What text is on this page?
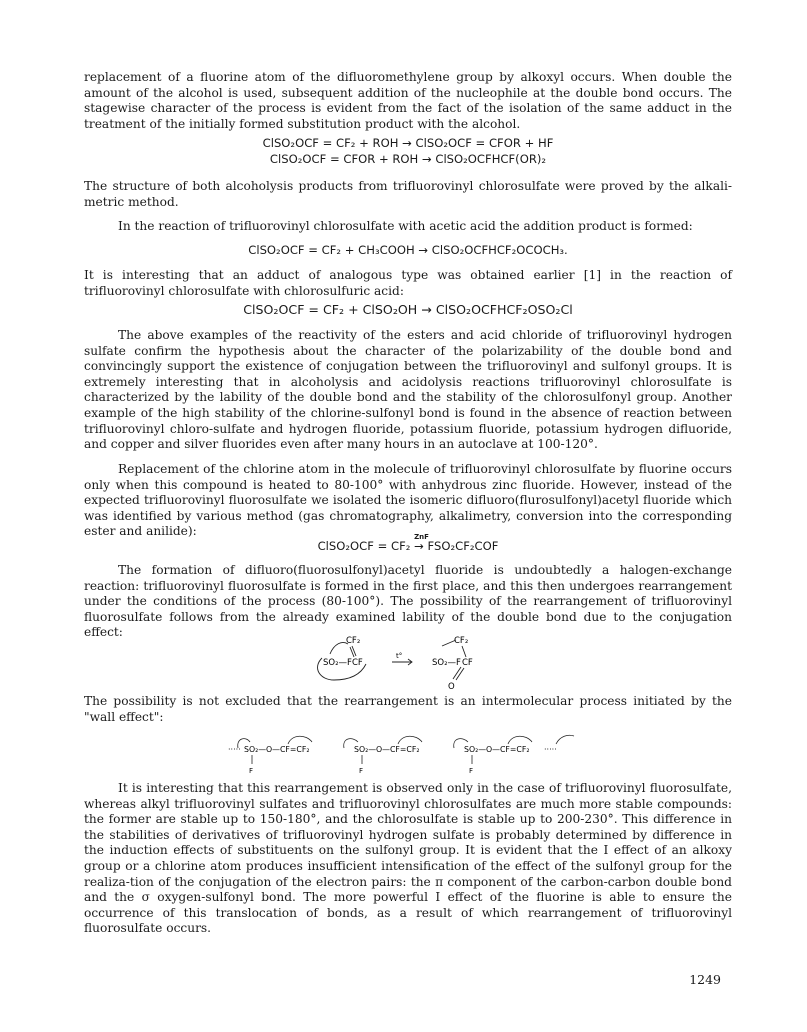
replacement of a fluorine atom of the difluoromethylene group by alkoxyl occurs. When double the amount of the alcohol is used, subsequent addition of the nucleophile at the double bond occurs. The stagewise character of the process is evident from the fact of the isolation of the same adduct in the treatment of the initially formed substitution product with the alcohol.

ClSO₂OCF = CF₂ + ROH → ClSO₂OCF = CFOR + HF

ClSO₂OCF = CFOR + ROH → ClSO₂OCFHCF(OR)₂

The structure of both alcoholysis products from trifluorovinyl chlorosulfate were proved by the alkali-metric method.

In the reaction of trifluorovinyl chlorosulfate with acetic acid the addition product is formed:

ClSO₂OCF = CF₂ + CH₃COOH → ClSO₂OCFHCF₂OCOCH₃.

It is interesting that an adduct of analogous type was obtained earlier [1] in the reaction of trifluorovinyl chlorosulfate with chlorosulfuric acid:

ClSO₂OCF = CF₂ + ClSO₂OH → ClSO₂OCFHCF₂OSO₂Cl

The above examples of the reactivity of the esters and acid chloride of trifluorovinyl hydrogen sulfate confirm the hypothesis about the character of the polarizability of the double bond and convincingly support the existence of conjugation between the trifluorovinyl and sulfonyl groups. It is extremely interesting that in alcoholysis and acidolysis reactions trifluorovinyl chlorosulfate is characterized by the lability of the double bond and the stability of the chlorosulfonyl group. Another example of the high stability of the chlorine-sulfonyl bond is found in the absence of reaction between trifluorovinyl chloro-sulfate and hydrogen fluoride, potassium fluoride, potassium hydrogen difluoride, and copper and silver fluorides even after many hours in an autoclave at 100-120°.

Replacement of the chlorine atom in the molecule of trifluorovinyl chlorosulfate by fluorine occurs only when this compound is heated to 80-100° with anhydrous zinc fluoride. However, instead of the expected trifluorovinyl fluorosulfate we isolated the isomeric difluoro(flurosulfonyl)acetyl fluoride which was identified by various method (gas chromatography, alkalimetry, conversion into the corresponding ester and anilide):

ClSO₂OCF = CF₂
ZnF
→ FSO₂CF₂COF

The formation of difluoro(fluorosulfonyl)acetyl fluoride is undoubtedly a halogen-exchange reaction: trifluorovinyl fluorosulfate is formed in the first place, and this then undergoes rearrangement under the conditions of the process (80-100°). The possibility of the rearrangement of trifluorovinyl fluorosulfate follows from the already examined lability of the double bond due to the conjugation effect:

CF₂
SO₂—F CF
t°
CF₂
SO₂—F CF
O

The possibility is not excluded that the rearrangement is an intermolecular process initiated by the "wall effect":

····· SO₂—O—CF=CF₂
F
SO₂—O—CF=CF₂
F
SO₂—O—CF=CF₂
F
·····

It is interesting that this rearrangement is observed only in the case of trifluorovinyl fluorosulfate, whereas alkyl trifluorovinyl sulfates and trifluorovinyl chlorosulfates are much more stable compounds: the former are stable up to 150-180°, and the chlorosulfate is stable up to 200-230°. This difference in the stabilities of derivatives of trifluorovinyl hydrogen sulfate is probably determined by difference in the induction effects of substituents on the sulfonyl group. It is evident that the I effect of an alkoxy group or a chlorine atom produces insufficient intensification of the effect of the sulfonyl group for the realiza-tion of the conjugation of the electron pairs: the π component of the carbon-carbon double bond and the σ oxygen-sulfonyl bond. The more powerful I effect of the fluorine is able to ensure the occurrence of this translocation of bonds, as a result of which rearrangement of trifluorovinyl fluorosulfate occurs.

1249
